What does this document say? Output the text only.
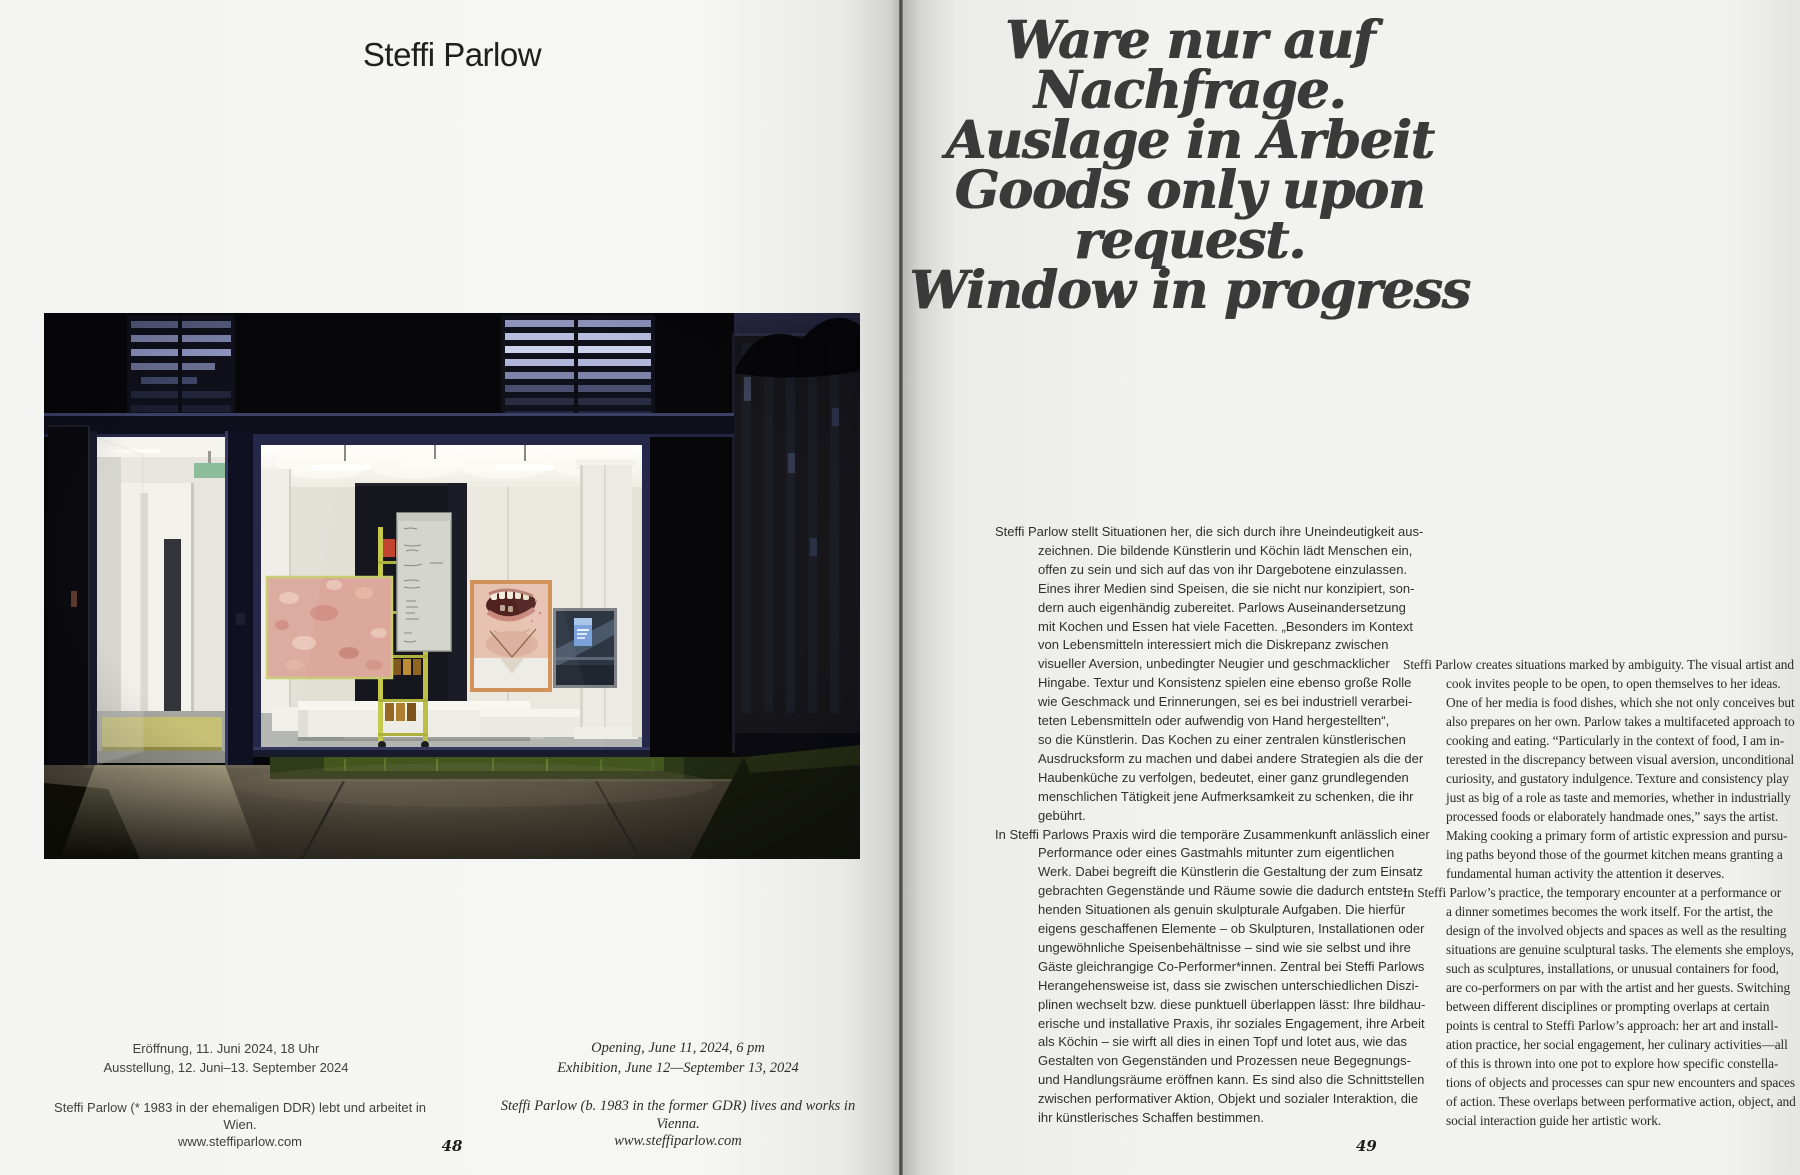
Steffi Parlow
Eröffnung, 11. Juni 2024, 18 Uhr
Ausstellung, 12. Juni–13. September 2024
Opening, June 11, 2024, 6 pm
Exhibition, June 12—September 13, 2024
Steffi Parlow (* 1983 in der ehemaligen DDR) lebt und arbeitet in Wien.
www.steffiparlow.com
Steffi Parlow (b. 1983 in the former GDR) lives and works in Vienna.
www.steffiparlow.com
48
Ware nur auf Nachfrage.
Auslage in Arbeit
Goods only upon request.
Window in progress
Steffi Parlow stellt Situationen her, die sich durch ihre Uneindeutigkeit aus-
zeichnen. Die bildende Künstlerin und Köchin lädt Menschen ein,
offen zu sein und sich auf das von ihr Dargebotene einzulassen.
Eines ihrer Medien sind Speisen, die sie nicht nur konzipiert, son-
dern auch eigenhändig zubereitet. Parlows Auseinandersetzung
mit Kochen und Essen hat viele Facetten. „Besonders im Kontext
von Lebensmitteln interessiert mich die Diskrepanz zwischen
visueller Aversion, unbedingter Neugier und geschmacklicher
Hingabe. Textur und Konsistenz spielen eine ebenso große Rolle
wie Geschmack und Erinnerungen, sei es bei industriell verarbei-
teten Lebensmitteln oder aufwendig von Hand hergestellten“,
so die Künstlerin. Das Kochen zu einer zentralen künstlerischen
Ausdrucksform zu machen und dabei andere Strategien als die der
Haubenküche zu verfolgen, bedeutet, einer ganz grundlegenden
menschlichen Tätigkeit jene Aufmerksamkeit zu schenken, die ihr
gebührt.
In Steffi Parlows Praxis wird die temporäre Zusammenkunft anlässlich einer
Performance oder eines Gastmahls mitunter zum eigentlichen
Werk. Dabei begreift die Künstlerin die Gestaltung der zum Einsatz
gebrachten Gegenstände und Räume sowie die dadurch entste-
henden Situationen als genuin skulpturale Aufgaben. Die hierfür
eigens geschaffenen Elemente – ob Skulpturen, Installationen oder
ungewöhnliche Speisenbehältnisse – sind wie sie selbst und ihre
Gäste gleichrangige Co-Performer*innen. Zentral bei Steffi Parlows
Herangehensweise ist, dass sie zwischen unterschiedlichen Diszi-
plinen wechselt bzw. diese punktuell überlappen lässt: Ihre bildhau-
erische und installative Praxis, ihr soziales Engagement, ihre Arbeit
als Köchin – sie wirft all dies in einen Topf und lotet aus, wie das
Gestalten von Gegenständen und Prozessen neue Begegnungs-
und Handlungsräume eröffnen kann. Es sind also die Schnittstellen
zwischen performativer Aktion, Objekt und sozialer Interaktion, die
ihr künstlerisches Schaffen bestimmen.
Steffi Parlow creates situations marked by ambiguity. The visual artist and
cook invites people to be open, to open themselves to her ideas.
One of her media is food dishes, which she not only conceives but
also prepares on her own. Parlow takes a multifaceted approach to
cooking and eating. “Particularly in the context of food, I am in-
terested in the discrepancy between visual aversion, unconditional
curiosity, and gustatory indulgence. Texture and consistency play
just as big of a role as taste and memories, whether in industrially
processed foods or elaborately handmade ones,” says the artist.
Making cooking a primary form of artistic expression and pursu-
ing paths beyond those of the gourmet kitchen means granting a
fundamental human activity the attention it deserves.
In Steffi Parlow’s practice, the temporary encounter at a performance or
a dinner sometimes becomes the work itself. For the artist, the
design of the involved objects and spaces as well as the resulting
situations are genuine sculptural tasks. The elements she employs,
such as sculptures, installations, or unusual containers for food,
are co-performers on par with the artist and her guests. Switching
between different disciplines or prompting overlaps at certain
points is central to Steffi Parlow’s approach: her art and install-
ation practice, her social engagement, her culinary activities—all
of this is thrown into one pot to explore how specific constella-
tions of objects and processes can spur new encounters and spaces
of action. These overlaps between performative action, object, and
social interaction guide her artistic work.
49
